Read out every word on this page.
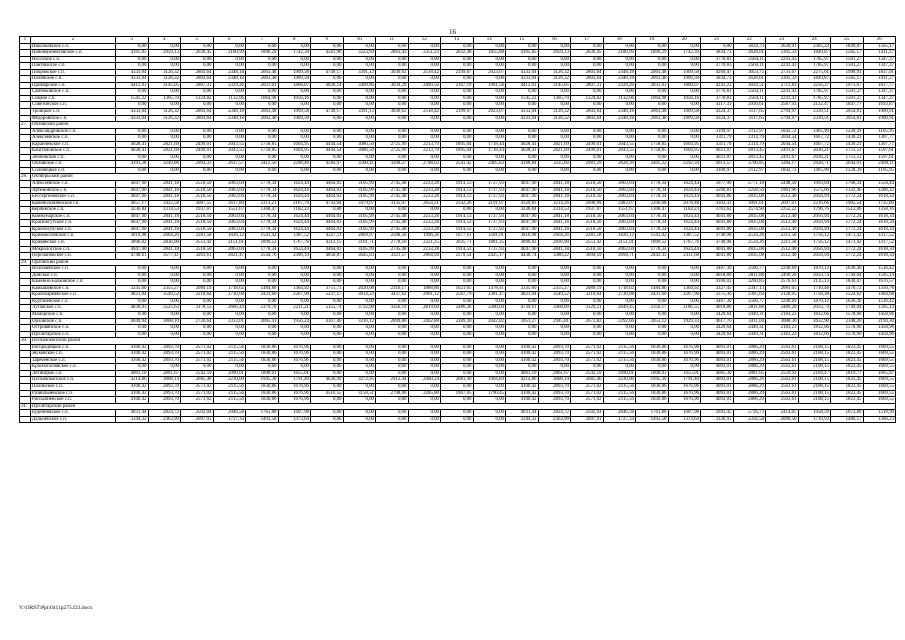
16
1	2	3	4	5	6	7	8	9	10	11	12	13	14	15	16	17	18	19	20	21	22	23	24	25	26	
	Никольевское с.п.	0,00	0,00	0,00	0,00	0,00	0,00	0,00	0,00	0,00	0,00	0,00	0,00	0,00	0,00	0,00	0,00	0,00	0,00	0,00	3834,73	2628,01	2305,33	1849,87	1565,17	
	Новоберезнеговское с.п.	4165,85	2959,13	2636,45	2180,99	1896,29	1742,39	4581,98	3223,94	2863,43	2351,23	2032,48	1855,88	4165,85	2959,13	2636,45	2180,99	1896,29	1742,39	3834,73	2628,01	2305,33	1849,87	1565,17	1411,27	
	Носоское с.п.	0,00	0,00	0,00	0,00	0,00	0,00	0,00	0,00	0,00	0,00	0,00	0,00	0,00	0,00	0,00	0,00	0,00	0,00	3770,83	2564,11	2241,43	1785,97	1501,27	1347,37	
	Пантюхотое с.п.	0,00	0,00	0,00	0,00	0,00	0,00	0,00	0,00	0,00	0,00	0,00	0,00	0,00	0,00	0,00	0,00	0,00	0,00	3770,83	2564,11	2241,43	1785,97	1501,27	1347,37	
	Покровское с.п.	4333,04	3126,32	2803,64	2348,18	2063,48	1909,58	4749,17	3391,13	3030,62	2518,42	2199,67	2023,07	4333,04	3126,32	2803,64	2348,18	2063,48	1909,58	4260,47	3053,75	2731,07	2275,61	1990,91	1837,01	
	Полянское с.п.	4333,04	3126,32	2803,64	2348,18	2063,48	1909,58	0,00	0,00	0,00	0,00	0,00	0,00	4333,04	3126,32	2803,64	2348,18	2063,48	1909,58	3834,73	2628,01	2305,33	1849,87	1565,17	1411,27	
	Примарское с.п.	4412,01	3145,05	2807,31	2329,26	2031,01	1868,07	4828,14	3409,86	3034,29	2499,50	2167,19	1981,56	4412,01	3145,05	2807,31	2329,26	2031,01	1868,07	4241,23	3034,51	2711,83	2256,37	1971,67	1817,77	
	Самбековское с.п.	0,00	0,00	0,00	0,00	0,00	0,00	0,00	0,00	0,00	0,00	0,00	0,00	0,00	0,00	0,00	0,00	0,00	0,00	3770,83	2564,11	2241,43	1785,97	1501,27	1347,37	
	Сицкое с.п.	1545,22	1305,70	1224,82	1132,06	1064,98	1056,16	0,00	0,00	0,00	0,00	0,00	0,00	1545,22	1305,70	1224,82	1132,06	1064,98	1056,16	3770,83	2564,11	2241,43	1785,97	1501,27	1347,37	
	Советинское с.п.	0,00	0,00	0,00	0,00	0,00	0,00	0,00	0,00	0,00	0,00	0,00	0,00	0,00	0,00	0,00	0,00	0,00	0,00	4117,33	2910,61	2587,93	2132,47	1847,77	1693,87	
	Троицкое с.п.	4333,04	3126,32	2803,64	2348,18	2063,48	1909,58	4749,17	3391,13	3030,62	2518,42	2199,67	2023,07	4333,04	3126,32	2803,64	2348,18	2063,48	1909,58	4324,37	3117,65	2794,97	2339,51	2054,81	1900,91	
	Федоровское с.п.	4333,04	3126,32	2803,64	2348,18	2063,48	1909,58	0,00	0,00	0,00	0,00	0,00	0,00	4333,04	3126,32	2803,64	2348,18	2063,48	1909,58	4324,37	3117,65	2794,97	2339,51	2054,81	1900,91	
27.	Обливский район																									
	Александровское с.п.	0,00	0,00	0,00	0,00	0,00	0,00	0,00	0,00	0,00	0,00	0,00	0,00	0,00	0,00	0,00	0,00	0,00	0,00	3109,97	2112,97	1842,72	1465,90	1228,39	1105,95	
	Алексеевское с.п.	0,00	0,00	0,00	0,00	0,00	0,00	0,00	0,00	0,00	0,00	0,00	0,00	0,00	0,00	0,00	0,00	0,00	0,00	3311,79	2314,79	2044,54	1667,72	1430,21	1307,77	
	Караичевское с.п.	4028,41	2821,69	2499,01	2043,55	1758,85	1604,95	4444,54	3086,50	2725,99	2213,79	1895,04	1718,44	4028,41	2821,69	2499,01	2043,55	1758,85	1604,95	3311,79	2314,79	2044,54	1667,72	1430,21	1307,77	
	Каштановское с.п.	4028,41	2821,69	2499,01	2043,55	1758,85	1604,95	4444,54	3086,50	2725,99	2213,79	1895,04	1718,44	4028,41	2821,69	2499,01	2043,55	1758,85	1604,95	4021,07	2813,45	2491,67	2036,21	1751,51	1597,61	
	Леоновское с.п.	0,00	0,00	0,00	0,00	0,00	0,00	0,00	0,00	0,00	0,00	0,00	0,00	0,00	0,00	0,00	0,00	0,00	0,00	4021,07	2813,45	2491,67	2036,21	1751,51	1597,61	
	Обливское с.п.	4191,28	3249,88	2993,33	2637,57	2412,56	2298,46	4584,97	3500,41	3208,27	2798,62	2541,42	2405,83	4168,84	3235,60	2981,29	2628,39	2405,22	2292,34	4913,57	3706,85	3384,17	2928,71	2644,01	2490,11	
	Солонецкое с.п.	0,00	0,00	0,00	0,00	0,00	0,00	0,00	0,00	0,00	0,00	0,00	0,00	0,00	0,00	0,00	0,00	0,00	0,00	3109,97	2112,97	1842,72	1465,90	1228,39	1105,95	
28.	Октябрьский район																									
	Алексеевское с.п.	4047,90	2841,18	2518,50	2063,04	1778,34	1624,44	4464,03	3105,99	2745,48	2233,28	1914,53	1737,93	4047,90	2841,18	2518,50	2063,04	1778,34	1624,44	3977,90	2771,18	2448,50	1993,04	1708,34	1554,44	
	Артемовское с.п.	4047,90	2841,18	2518,50	2063,04	1778,34	1624,44	4464,03	3105,99	2745,48	2233,28	1914,53	1737,93	4047,90	2841,18	2518,50	2063,04	1778,34	1624,44	3260,83	2258,56	1961,96	1575,66	1332,46	1206,22	
	Бессергеновское с.п.	4047,90	2841,18	2518,50	2063,04	1778,34	1624,44	4464,03	3105,99	2745,48	2233,28	1914,53	1737,93	4047,90	2841,18	2518,50	2063,04	1778,34	1624,44	4041,80	2835,08	2512,40	2056,94	1772,24	1618,34	
	Каменоломненское г.п.	4657,17	3422,58	3087,55	2617,89	2313,21	2167,76	4743,94	3479,07	3135,97	2654,21	2342,26	2191,07	4329,83	3214,26	2908,09	2483,07	2206,08	2078,48	4302,33	3091,61	2697,01	2216,66	1905,54	1735,80	
	Керчикское с.п.	3236,84	2314,53	1937,07	1551,67	1308,47	1182,23	0,00	0,00	0,00	0,00	0,00	0,00	3236,84	2314,53	1937,07	1551,67	1308,47	1182,23	3761,62	2574,90	2252,22	1796,76	1512,06	1358,16	
	Коммунарское с.п.	4047,90	2841,18	2518,50	2063,04	1778,34	1624,44	4464,03	3105,99	2745,48	2233,28	1914,53	1737,93	4047,90	2841,18	2518,50	2063,04	1778,34	1624,44	4041,80	2835,08	2512,40	2056,94	1772,24	1618,34	
	Красюкгутское с.п.	4047,90	2841,18	2518,50	2063,04	1778,34	1624,44	4464,03	3105,99	2745,48	2233,28	1914,53	1737,93	4047,90	2841,18	2518,50	2063,04	1778,34	1624,44	4041,80	2835,08	2512,40	2056,94	1772,24	1618,34	
	Краснолучское с.п.	4047,90	2841,18	2518,50	2063,04	1778,34	1624,44	4464,03	3105,99	2745,48	2233,28	1914,53	1737,93	4047,90	2841,18	2518,50	2063,04	1778,34	1624,44	4041,80	2835,08	2512,40	2056,94	1772,24	1618,34	
	Кривокосинское с.п.	3810,98	2604,26	2281,58	1826,12	1541,42	1387,52	4227,11	2869,07	2508,56	1996,36	1677,61	1501,01	3810,98	2604,26	2281,58	1826,12	1541,42	1387,52	3740,98	2534,26	2211,58	1756,12	1471,42	1317,52	
	Кривянское с.п.	3896,02	2836,90	2551,42	2151,01	1899,52	1767,76	4312,15	3101,71	2778,10	2321,25	2035,71	1881,25	3896,02	2836,90	2551,42	2151,01	1899,52	1767,76	3740,98	2534,26	2211,58	1756,12	1471,42	1317,52	
	Мокрологское с.п.	4047,90	2841,18	2518,50	2063,04	1778,34	1624,44	4464,03	3105,99	2745,48	2233,28	1914,53	1737,93	4047,90	2841,18	2518,50	2063,04	1778,34	1624,44	4041,80	2835,08	2512,40	2056,94	1772,24	1618,34	
	Персиановское с.п.	4748,61	3577,41	3263,61	2821,47	2544,76	2396,19	4858,87	3645,03	3321,57	2864,94	2579,54	2425,17	4438,74	3380,22	3094,59	2694,71	2443,35	2311,68	4041,80	2835,08	2512,40	2056,94	1772,24	1618,34	
29.	Орловский район																									
	Волочаевское с.п.	0,00	0,00	0,00	0,00	0,00	0,00	0,00	0,00	0,00	0,00	0,00	0,00	0,00	0,00	0,00	0,00	0,00	0,00	3487,30	2506,77	2240,69	1870,12	1636,36	1516,42	
	Донское с.п.	0,00	0,00	0,00	0,00	0,00	0,00	0,00	0,00	0,00	0,00	0,00	0,00	0,00	0,00	0,00	0,00	0,00	0,00	4018,80	2811,88	2499,20	2033,74	1749,04	1595,14	
	Каменно-Балковское с.п.	0,00	0,00	0,00	0,00	0,00	0,00	0,00	0,00	0,00	0,00	0,00	0,00	0,00	0,00	0,00	0,00	0,00	0,00	4106,03	3260,85	2576,63	2135,13	1830,47	1676,57	
	Камышевское с.п.	3335,60	2355,27	2089,19	1718,62	1484,86	1364,92	3751,73	2620,08	2316,17	1888,86	1621,05	1478,41	3335,60	2355,27	2089,19	1718,62	1484,86	1364,92	3327,45	2347,13	2081,05	1710,48	1476,72	1356,78	
	Красноармейское с.п.	4821,04	3549,52	3210,64	2730,08	2431,60	2267,98	5237,17	3814,33	3437,62	2901,12	2567,79	2381,47	4821,04	3549,52	3210,64	2730,08	2431,60	2267,98	3375,36	2395,03	2128,95	1758,38	1524,62	1404,68	
	Курганенское с.п.	0,00	0,00	0,00	0,00	0,00	0,00	0,00	0,00	0,00	0,00	0,00	0,00	0,00	0,00	0,00	0,00	0,00	0,00	3487,30	2506,77	2240,69	1870,12	1636,36	1516,42	
	Луганское с.п.	4830,03	3525,63	3178,53	2686,44	2379,76	2211,21	5155,74	3732,90	3356,19	2819,69	2486,36	2300,04	4739,61	3468,09	3129,21	2649,45	2350,17	2186,55	4018,80	2811,88	2489,20	2033,74	1749,04	1595,14	
	Майорское с.п.	0,00	0,00	0,00	0,00	0,00	0,00	0,00	0,00	0,00	0,00	0,00	0,00	0,00	0,00	0,00	0,00	0,00	0,00	3429,64	2449,31	2183,23	1812,66	1578,90	1458,96	
	Орловское с.п.	4049,94	3008,10	2726,64	2333,01	2085,41	1956,24	4367,40	3210,12	2899,80	2462,88	2189,30	2042,82	3951,27	2945,81	2672,82	2292,66	2053,12	1929,33	4617,76	3411,04	3088,36	2632,90	2348,20	2194,30	
	Островянское с.п.	0,00	0,00	0,00	0,00	0,00	0,00	0,00	0,00	0,00	0,00	0,00	0,00	0,00	0,00	0,00	0,00	0,00	0,00	3429,64	2449,31	2183,23	1812,66	1578,90	1458,96	
	Пролетарское с.п.	0,00	0,00	0,00	0,00	0,00	0,00	0,00	0,00	0,00	0,00	0,00	0,00	0,00	0,00	0,00	0,00	0,00	0,00	3429,64	2449,31	2183,23	1812,66	1578,90	1458,96	
30.	Песчанокопский район																									
	Богородицкое с.п.	4100,42	2893,70	2571,02	2115,56	1830,86	1676,96	0,00	0,00	0,00	0,00	0,00	0,00	4100,42	2893,70	2571,02	2115,56	1830,86	1676,96	4093,01	2886,29	2563,61	2108,15	1823,45	1669,55	
	Жуковское с.п.	4100,42	2893,70	2571,02	2115,56	1830,86	1676,96	0,00	0,00	0,00	0,00	0,00	0,00	4100,42	2893,70	2571,02	2115,56	1830,86	1676,96	4093,01	2886,29	2563,61	2108,15	1823,45	1669,55	
	Зареченское с.п.	4100,42	2893,70	2571,02	2115,56	1830,86	1676,96	0,00	0,00	0,00	0,00	0,00	0,00	4100,42	2893,70	2571,02	2115,56	1830,86	1676,96	4093,01	2886,29	2563,61	2108,15	1823,45	1669,55	
	Краснополянское с.п.	0,00	0,00	0,00	0,00	0,00	0,00	0,00	0,00	0,00	0,00	0,00	0,00	0,00	0,00	0,00	0,00	0,00	0,00	4093,01	2886,29	2563,61	2108,15	1823,45	1669,55	
	Летницкое с.п.	4061,10	2861,67	2542,59	2090,01	1808,01	1655,01	0,00	0,00	0,00	0,00	0,00	0,00	4061,10	2861,67	2542,59	2090,01	1808,01	1655,01	4085,30	2881,05	2559,93	2104,47	1819,77	1665,87	
	Песчанокопское с.п.	4214,86	3008,14	2685,46	2230,00	1945,30	1791,40	4630,99	3272,95	2912,44	2400,24	2081,49	1904,89	4214,86	3008,14	2685,46	2230,00	1945,30	1791,40	4093,01	2886,29	2563,61	2108,15	1823,45	1669,55	
	Полинское с.п.	4100,42	2893,70	2571,02	2115,56	1830,86	1676,96	0,00	0,00	0,00	0,00	0,00	0,00	4100,42	2893,70	2571,02	2115,56	1830,86	1676,96	4093,01	2886,29	2563,61	2108,15	1823,45	1669,55	
	Развильненское с.п.	4100,42	2893,70	2571,02	2115,56	1830,86	1676,96	4516,55	3158,51	2798,00	2285,80	1967,05	1790,45	4100,42	2893,70	2571,02	2115,56	1830,86	1676,96	4093,01	2886,29	2563,61	2108,15	1823,45	1669,55	
	Рассыпненское с.п.	4100,42	2893,70	2571,02	2115,56	1830,86	1676,96	0,00	0,00	0,00	0,00	0,00	0,00	4100,42	2893,70	2571,02	2115,56	1830,86	1676,96	4093,01	2886,29	2563,61	2108,15	1823,45	1669,55	
31.	Пролетарский район																									
	Буденновское с.п.	4031,44	2824,72	2502,04	2046,58	1761,88	1607,98	0,00	0,00	0,00	0,00	0,00	0,00	4031,44	2824,72	2502,04	2046,58	1761,88	1607,98	3943,45	2736,73	2414,05	1958,59	1673,89	1519,99	
	Дальненское с.п.	3344,32	2363,99	2097,91	1727,34	1493,58	1373,64	0,00	0,00	0,00	0,00	0,00	0,00	3344,32	2363,99	2097,91	1727,34	1493,58	1373,64	3336,91	2356,58	2090,50	1719,93	1486,17	1366,23	
Y:\ORST\Ppi\0411p275.f23.docx
